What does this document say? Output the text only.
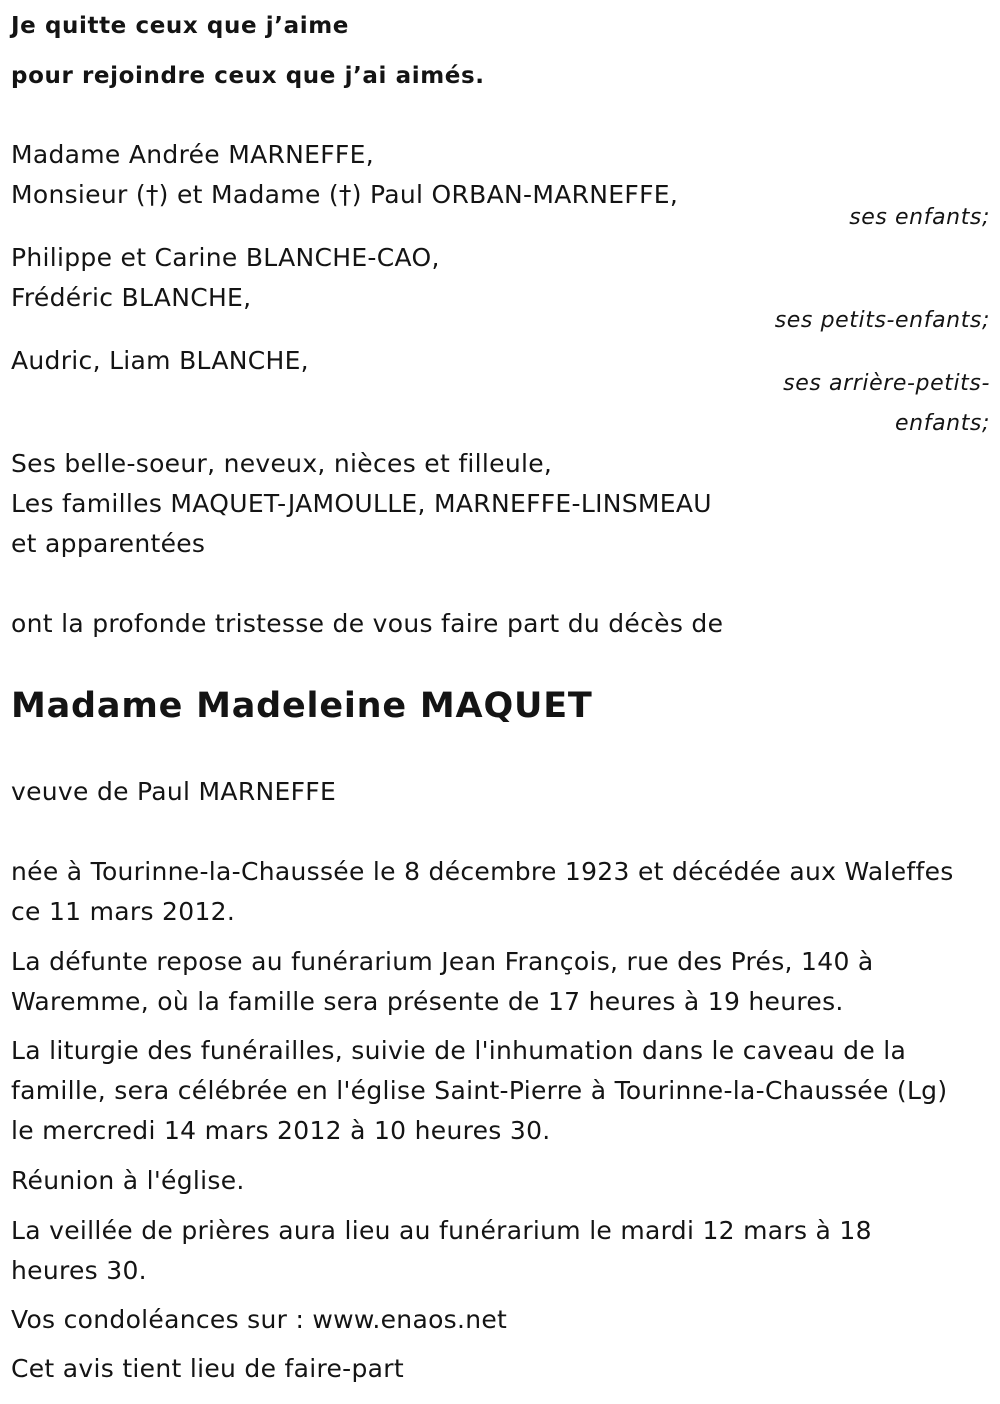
Je quitte ceux que j’aime

pour rejoindre ceux que j’ai aimés.

Madame Andrée MARNEFFE,

Monsieur (†) et Madame (†) Paul ORBAN-MARNEFFE,

ses enfants;

Philippe et Carine BLANCHE-CAO,

Frédéric BLANCHE,

ses petits-enfants;

Audric, Liam BLANCHE,

ses arrière-petits-

enfants;

Ses belle-soeur, neveux, nièces et filleule,

Les familles MAQUET-JAMOULLE, MARNEFFE-LINSMEAU

et apparentées

ont la profonde tristesse de vous faire part du décès de

Madame Madeleine MAQUET

veuve de Paul MARNEFFE

née à Tourinne-la-Chaussée le 8 décembre 1923 et décédée aux Waleffes

ce 11 mars 2012.

La défunte repose au funérarium Jean François, rue des Prés, 140 à

Waremme, où la famille sera présente de 17 heures à 19 heures.

La liturgie des funérailles, suivie de l'inhumation dans le caveau de la

famille, sera célébrée en l'église Saint-Pierre à Tourinne-la-Chaussée (Lg)

le mercredi 14 mars 2012 à 10 heures 30.

Réunion à l'église.

La veillée de prières aura lieu au funérarium le mardi 12 mars à 18

heures 30.

Vos condoléances sur : www.enaos.net

Cet avis tient lieu de faire-part
